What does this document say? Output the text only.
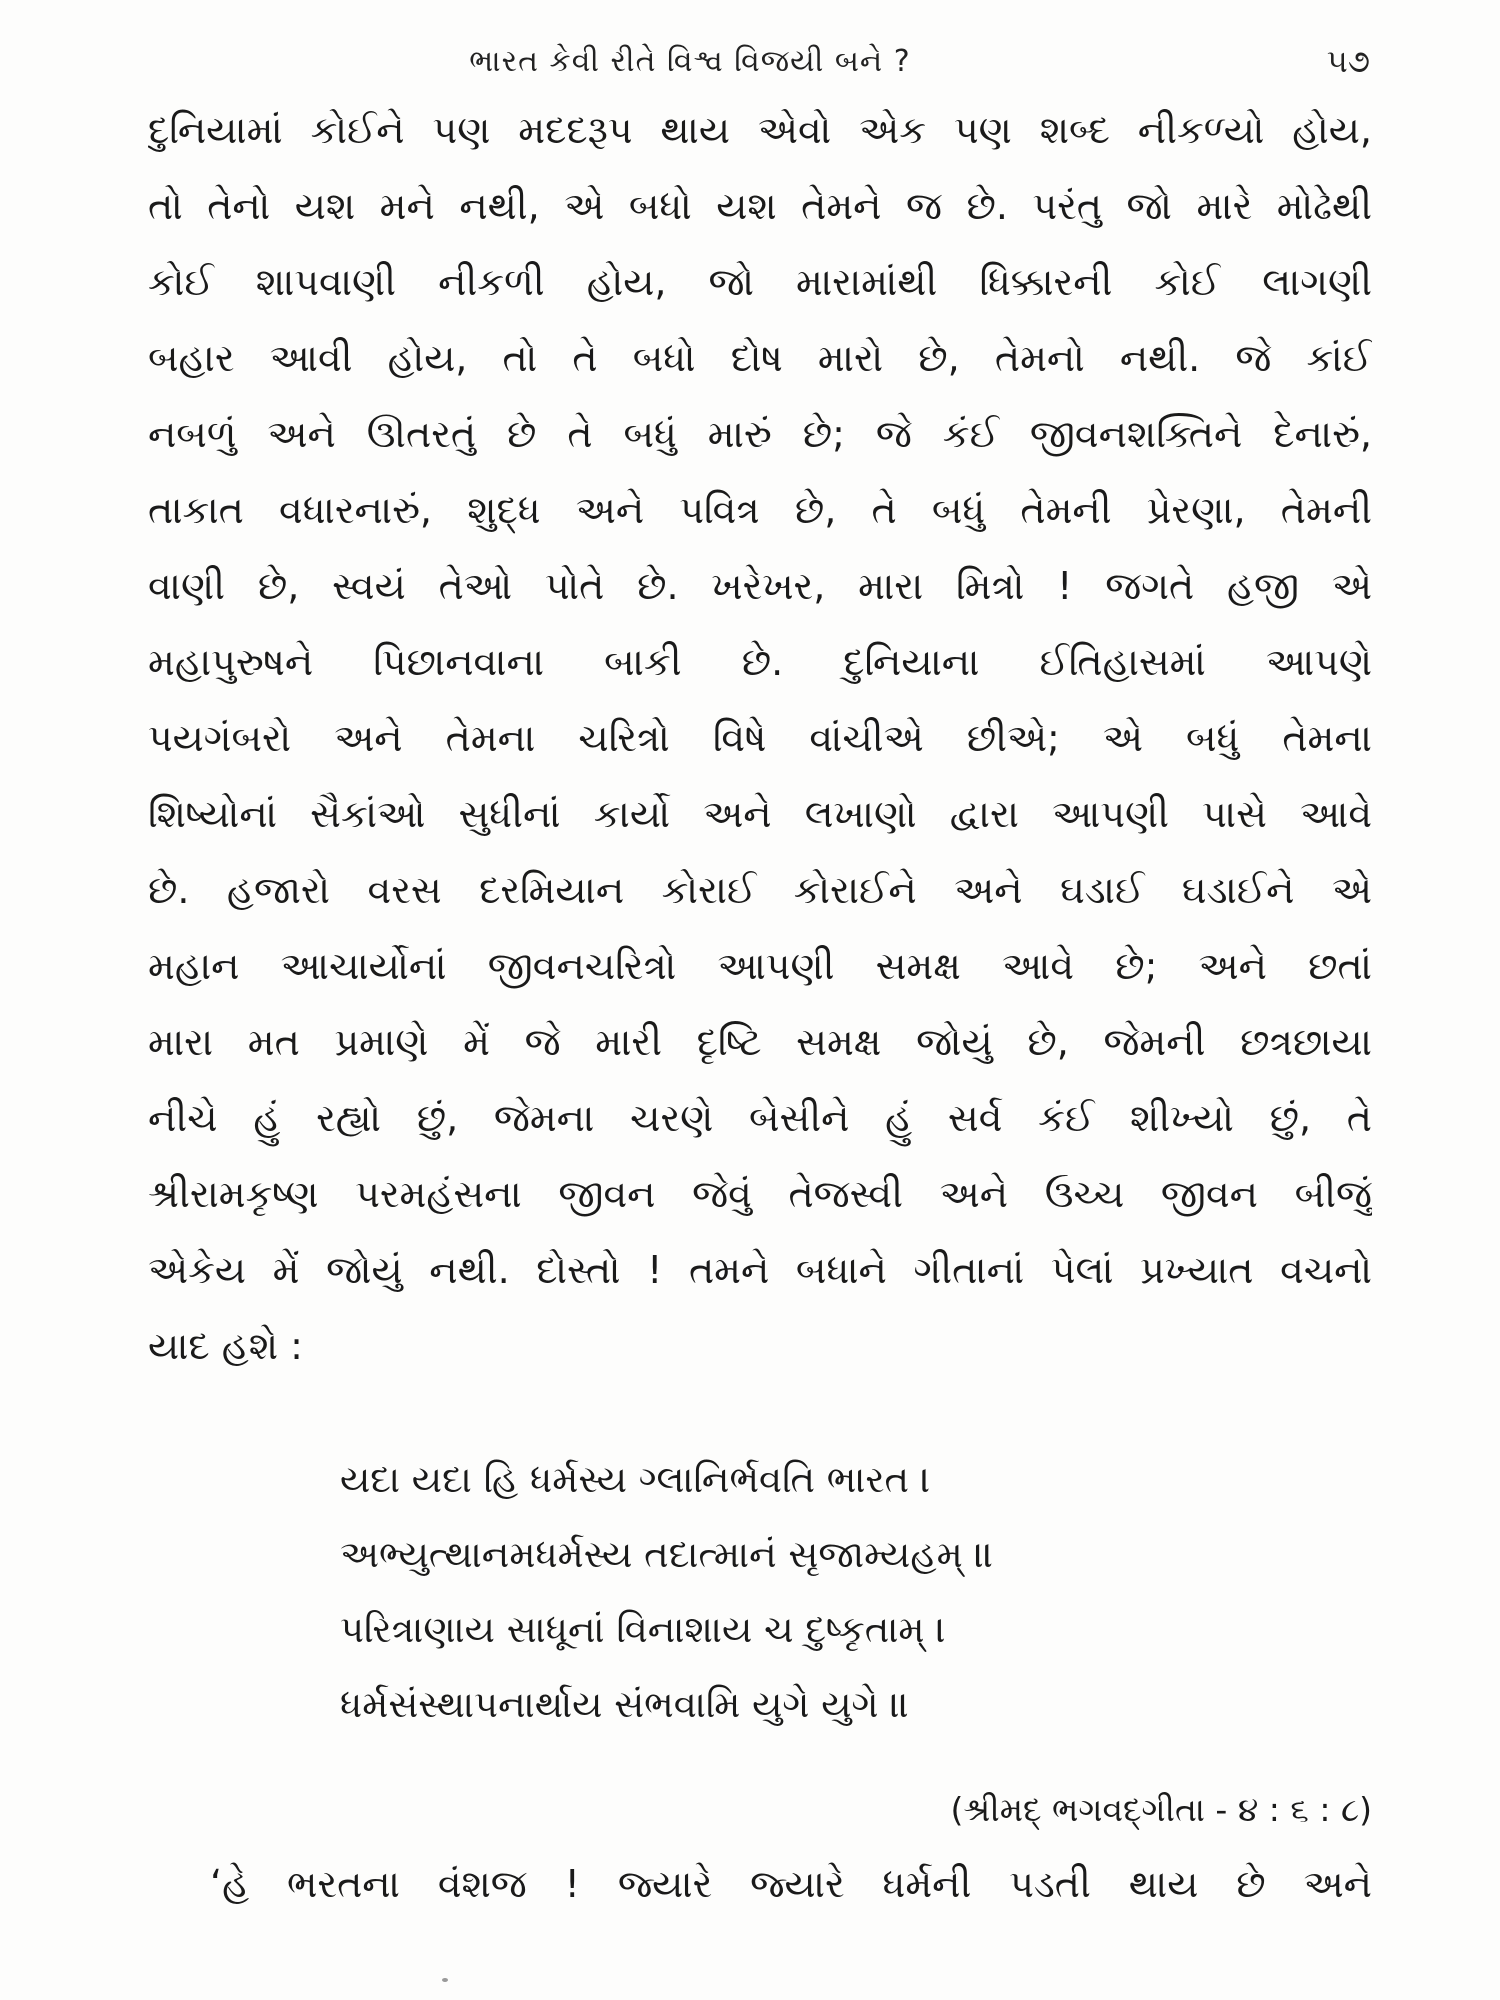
ભારત કેવી રીતે વિશ્વ વિજયી બને ?	૫૭
દુનિયામાં કોઈને પણ મદદરૂપ થાય એવો એક પણ શબ્દ નીકળ્યો હોય,
તો તેનો યશ મને નથી, એ બધો યશ તેમને જ છે. પરંતુ જો મારે મોઢેથી
કોઈ શાપવાણી નીકળી હોય, જો મારામાંથી ધિક્કારની કોઈ લાગણી
બહાર આવી હોય, તો તે બધો દોષ મારો છે, તેમનો નથી. જે કાંઈ
નબળું અને ઊતરતું છે તે બધું મારું છે; જે કંઈ જીવનશક્તિને દેનારું,
તાકાત વધારનારું, શુદ્ધ અને પવિત્ર છે, તે બધું તેમની પ્રેરણા, તેમની
વાણી છે, સ્વયં તેઓ પોતે છે. ખરેખર, મારા મિત્રો ! જગતે હજી એ
મહાપુરુષને પિછાનવાના બાકી છે. દુનિયાના ઈતિહાસમાં આપણે
પયગંબરો અને તેમના ચરિત્રો વિષે વાંચીએ છીએ; એ બધું તેમના
શિષ્યોનાં સૈકાંઓ સુધીનાં કાર્યો અને લખાણો દ્વારા આપણી પાસે આવે
છે. હજારો વરસ દરમિયાન કોરાઈ કોરાઈને અને ઘડાઈ ઘડાઈને એ
મહાન આચાર્યોનાં જીવનચરિત્રો આપણી સમક્ષ આવે છે; અને છતાં
મારા મત પ્રમાણે મેં જે મારી દૃષ્ટિ સમક્ષ જોયું છે, જેમની છત્રછાયા
નીચે હું રહ્યો છું, જેમના ચરણે બેસીને હું સર્વ કંઈ શીખ્યો છું, તે
શ્રીરામકૃષ્ણ પરમહંસના જીવન જેવું તેજસ્વી અને ઉચ્ચ જીવન બીજું
એકેય મેં જોયું નથી. દોસ્તો ! તમને બધાને ગીતાનાં પેલાં પ્રખ્યાત વચનો
યાદ હશે :
યદા યદા હિ ધર્મસ્ય ગ્લાનિર્ભવતિ ભારત ।
અભ્યુત્થાનમધર્મસ્ય તદાત્માનં સૃજામ્યહમ્ ॥
પરિત્રાણાય સાધૂનાં વિનાશાય ચ દુષ્કૃતામ્ ।
ધર્મસંસ્થાપનાર્થાય સંભવામિ યુગે યુગે ॥
(શ્રીમદ્ ભગવદ્ગીતા - ૪ : ૬ : ૮)
‘હે ભરતના વંશજ ! જ્યારે જ્યારે ધર્મની પડતી થાય છે અને
